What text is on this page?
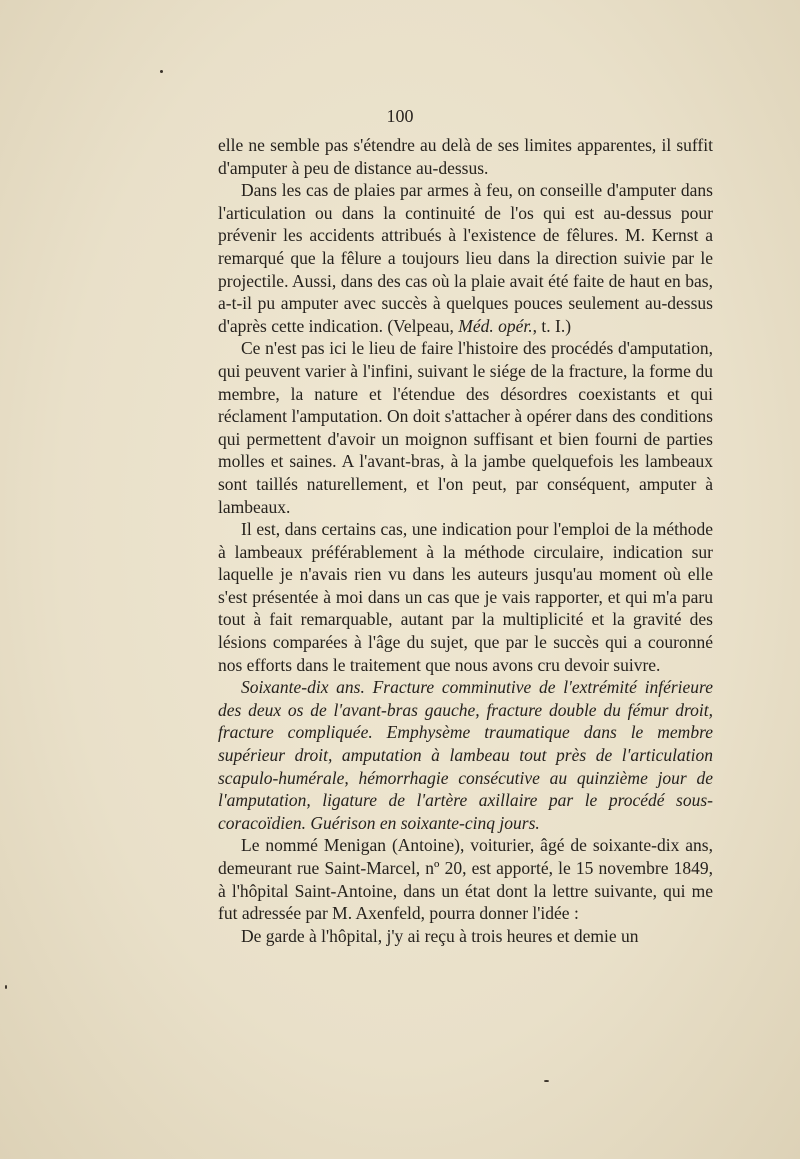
100

elle ne semble pas s'étendre au delà de ses limites apparentes, il suffit d'amputer à peu de distance au-dessus.

Dans les cas de plaies par armes à feu, on conseille d'amputer dans l'articulation ou dans la continuité de l'os qui est au-dessus pour prévenir les accidents attribués à l'existence de fêlures. M. Kernst a remarqué que la fêlure a toujours lieu dans la direction suivie par le projectile. Aussi, dans des cas où la plaie avait été faite de haut en bas, a-t-il pu amputer avec succès à quelques pouces seulement au-dessus d'après cette indication. (Velpeau, Méd. opér., t. I.)

Ce n'est pas ici le lieu de faire l'histoire des procédés d'amputation, qui peuvent varier à l'infini, suivant le siége de la fracture, la forme du membre, la nature et l'étendue des désordres coexistants et qui réclament l'amputation. On doit s'attacher à opérer dans des conditions qui permettent d'avoir un moignon suffisant et bien fourni de parties molles et saines. A l'avant-bras, à la jambe quelquefois les lambeaux sont taillés naturellement, et l'on peut, par conséquent, amputer à lambeaux.

Il est, dans certains cas, une indication pour l'emploi de la méthode à lambeaux préférablement à la méthode circulaire, indication sur laquelle je n'avais rien vu dans les auteurs jusqu'au moment où elle s'est présentée à moi dans un cas que je vais rapporter, et qui m'a paru tout à fait remarquable, autant par la multiplicité et la gravité des lésions comparées à l'âge du sujet, que par le succès qui a couronné nos efforts dans le traitement que nous avons cru devoir suivre.

Soixante-dix ans. Fracture comminutive de l'extrémité inférieure des deux os de l'avant-bras gauche, fracture double du fémur droit, fracture compliquée. Emphysème traumatique dans le membre supérieur droit, amputation à lambeau tout près de l'articulation scapulo-humérale, hémorrhagie consécutive au quinzième jour de l'amputation, ligature de l'artère axillaire par le procédé sous-coracoïdien. Guérison en soixante-cinq jours.

Le nommé Menigan (Antoine), voiturier, âgé de soixante-dix ans, demeurant rue Saint-Marcel, nº 20, est apporté, le 15 novembre 1849, à l'hôpital Saint-Antoine, dans un état dont la lettre suivante, qui me fut adressée par M. Axenfeld, pourra donner l'idée :

De garde à l'hôpital, j'y ai reçu à trois heures et demie un
